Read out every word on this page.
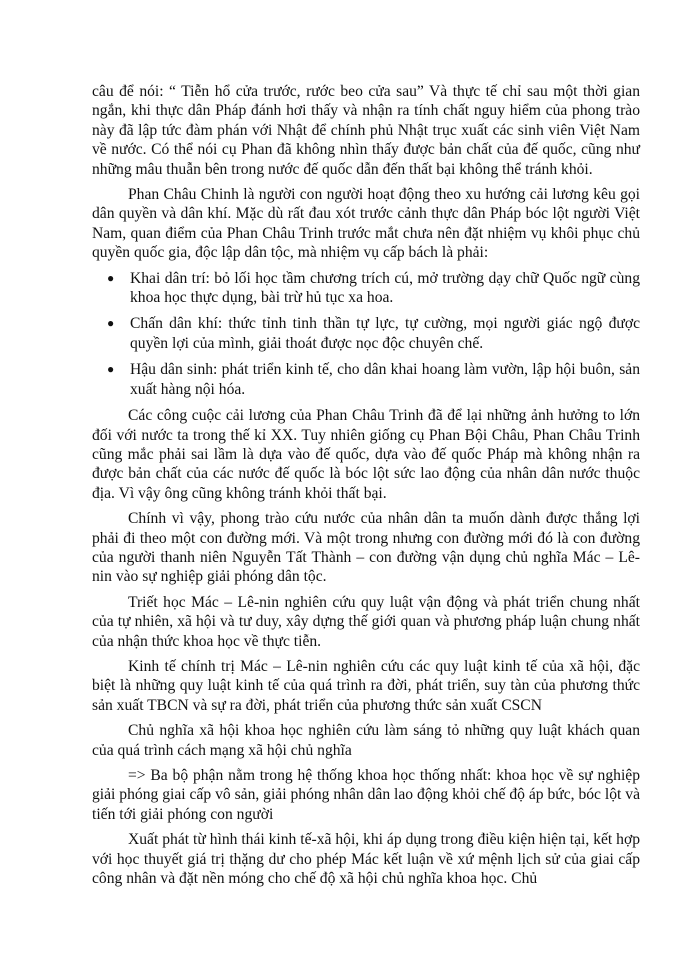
câu để nói: “ Tiễn hổ cửa trước, rước beo cửa sau” Và thực tế chỉ sau một thời gian ngắn, khi thực dân Pháp đánh hơi thấy và nhận ra tính chất nguy hiểm của phong trào này đã lập tức đàm phán với Nhật để chính phủ Nhật trục xuất các sinh viên Việt Nam về nước. Có thể nói cụ Phan đã không nhìn thấy được bản chất của đế quốc, cũng như những mâu thuẫn bên trong nước đế quốc dẫn đến thất bại không thể tránh khỏi.

Phan Châu Chinh là người con người hoạt động theo xu hướng cải lương kêu gọi dân quyền và dân khí. Mặc dù rất đau xót trước cảnh thực dân Pháp bóc lột người Việt Nam, quan điểm của Phan Châu Trinh trước mắt chưa nên đặt nhiệm vụ khôi phục chủ quyền quốc gia, độc lập dân tộc, mà nhiệm vụ cấp bách là phải:

● Khai dân trí: bỏ lối học tầm chương trích cú, mở trường dạy chữ Quốc ngữ cùng khoa học thực dụng, bài trừ hủ tục xa hoa.
● Chấn dân khí: thức tỉnh tinh thần tự lực, tự cường, mọi người giác ngộ được quyền lợi của mình, giải thoát được nọc độc chuyên chế.
● Hậu dân sinh: phát triển kinh tế, cho dân khai hoang làm vườn, lập hội buôn, sản xuất hàng nội hóa.

Các công cuộc cải lương của Phan Châu Trinh đã để lại những ảnh hưởng to lớn đối với nước ta trong thế kỉ XX. Tuy nhiên giống cụ Phan Bội Châu, Phan Châu Trinh cũng mắc phải sai lầm là dựa vào đế quốc, dựa vào đế quốc Pháp mà không nhận ra được bản chất của các nước đế quốc là bóc lột sức lao động của nhân dân nước thuộc địa. Vì vậy ông cũng không tránh khỏi thất bại.

Chính vì vậy, phong trào cứu nước của nhân dân ta muốn dành được thắng lợi phải đi theo một con đường mới. Và một trong nhưng con đường mới đó là con đường của người thanh niên Nguyễn Tất Thành – con đường vận dụng chủ nghĩa Mác – Lê-nin vào sự nghiệp giải phóng dân tộc.

Triết học Mác – Lê-nin nghiên cứu quy luật vận động và phát triển chung nhất của tự nhiên, xã hội và tư duy, xây dựng thế giới quan và phương pháp luận chung nhất của nhận thức khoa học về thực tiễn.

Kinh tế chính trị Mác – Lê-nin nghiên cứu các quy luật kinh tế của xã hội, đặc biệt là những quy luật kinh tế của quá trình ra đời, phát triển, suy tàn của phương thức sản xuất TBCN và sự ra đời, phát triển của phương thức sản xuất CSCN

Chủ nghĩa xã hội khoa học nghiên cứu làm sáng tỏ những quy luật khách quan của quá trình cách mạng xã hội chủ nghĩa

=> Ba bộ phận nằm trong hệ thống khoa học thống nhất: khoa học về sự nghiệp giải phóng giai cấp vô sản, giải phóng nhân dân lao động khỏi chế độ áp bức, bóc lột và tiến tới giải phóng con người

Xuất phát từ hình thái kinh tế-xã hội, khi áp dụng trong điều kiện hiện tại, kết hợp với học thuyết giá trị thặng dư cho phép Mác kết luận về xứ mệnh lịch sử của giai cấp công nhân và đặt nền móng cho chế độ xã hội chủ nghĩa khoa học. Chủ
